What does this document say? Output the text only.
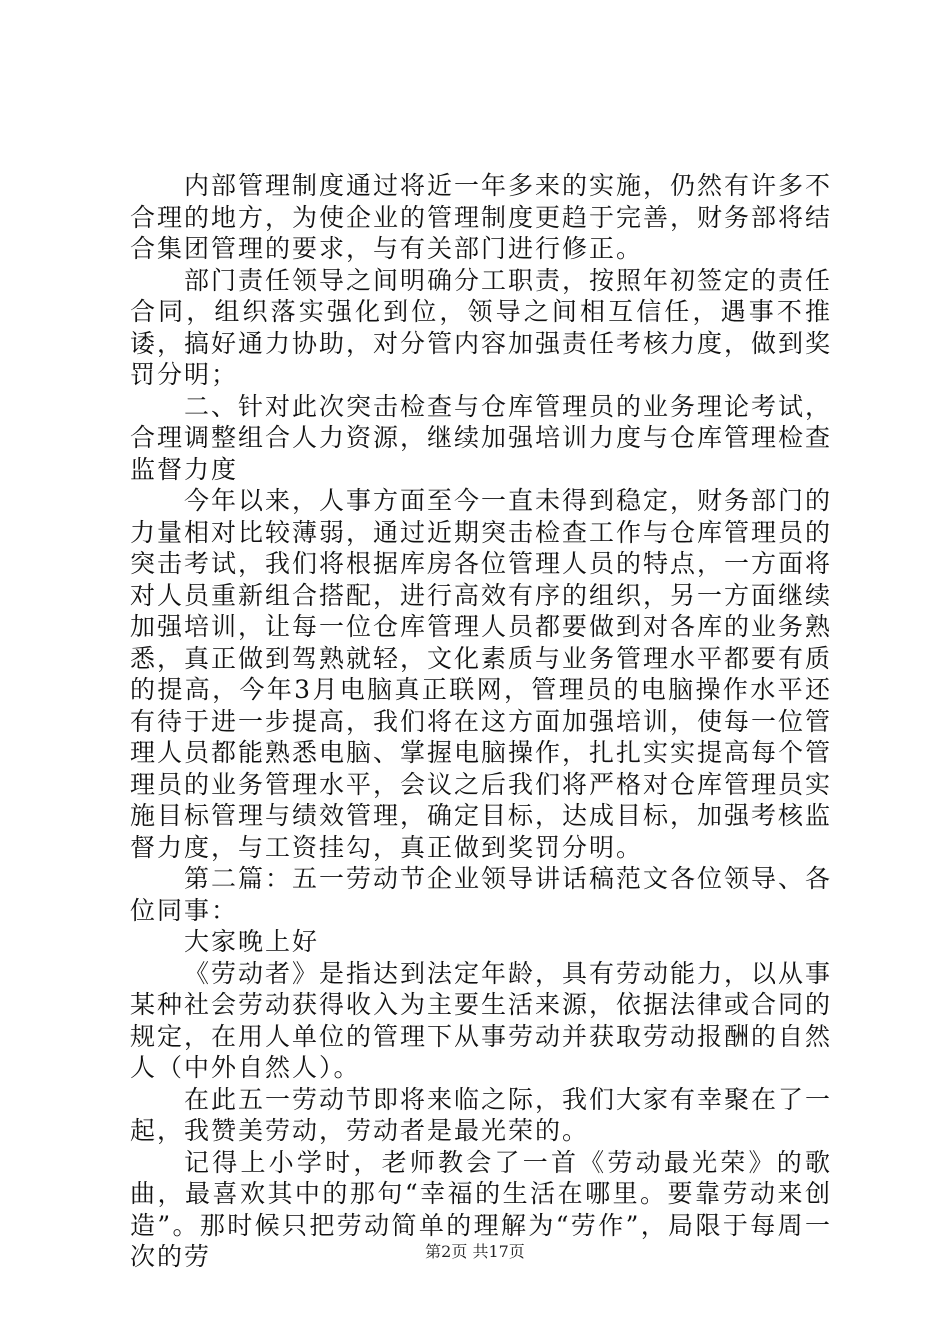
内部管理制度通过将近一年多来的实施，仍然有许多不合理的地方，为使企业的管理制度更趋于完善，财务部将结合集团管理的要求，与有关部门进行修正。

部门责任领导之间明确分工职责，按照年初签定的责任合同，组织落实强化到位，领导之间相互信任，遇事不推诿，搞好通力协助，对分管内容加强责任考核力度，做到奖罚分明；

二、针对此次突击检查与仓库管理员的业务理论考试，合理调整组合人力资源，继续加强培训力度与仓库管理检查监督力度

今年以来，人事方面至今一直未得到稳定，财务部门的力量相对比较薄弱，通过近期突击检查工作与仓库管理员的突击考试，我们将根据库房各位管理人员的特点，一方面将对人员重新组合搭配，进行高效有序的组织，另一方面继续加强培训，让每一位仓库管理人员都要做到对各库的业务熟悉，真正做到驾熟就轻，文化素质与业务管理水平都要有质的提高，今年3月电脑真正联网，管理员的电脑操作水平还有待于进一步提高，我们将在这方面加强培训，使每一位管理人员都能熟悉电脑、掌握电脑操作，扎扎实实提高每个管理员的业务管理水平，会议之后我们将严格对仓库管理员实施目标管理与绩效管理，确定目标，达成目标，加强考核监督力度，与工资挂勾，真正做到奖罚分明。

第二篇：五一劳动节企业领导讲话稿范文各位领导、各位同事：

大家晚上好

《劳动者》是指达到法定年龄，具有劳动能力，以从事某种社会劳动获得收入为主要生活来源，依据法律或合同的规定，在用人单位的管理下从事劳动并获取劳动报酬的自然人（中外自然人）。

在此五一劳动节即将来临之际，我们大家有幸聚在了一起，我赞美劳动，劳动者是最光荣的。

记得上小学时，老师教会了一首《劳动最光荣》的歌曲，最喜欢其中的那句“幸福的生活在哪里。要靠劳动来创造”。那时候只把劳动简单的理解为“劳作”，局限于每周一次的劳	第2页 共17页
